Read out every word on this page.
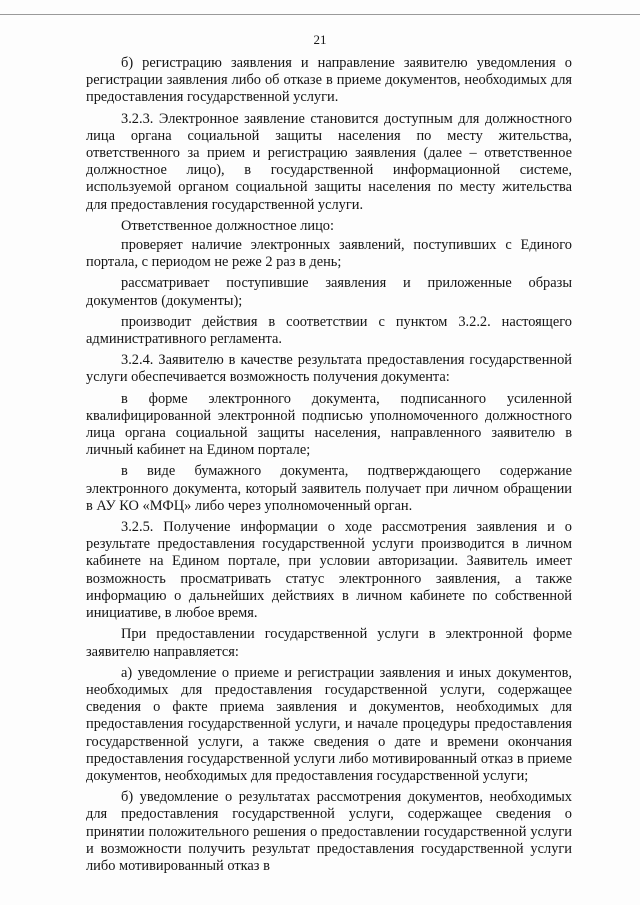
21

б) регистрацию заявления и направление заявителю уведомления о регистрации заявления либо об отказе в приеме документов, необходимых для предоставления государственной услуги.

3.2.3. Электронное заявление становится доступным для должностного лица органа социальной защиты населения по месту жительства, ответственного за прием и регистрацию заявления (далее – ответственное должностное лицо), в государственной информационной системе, используемой органом социальной защиты населения по месту жительства для предоставления государственной услуги.

Ответственное должностное лицо:

проверяет наличие электронных заявлений, поступивших с Единого портала, с периодом не реже 2 раз в день;

рассматривает поступившие заявления и приложенные образы документов (документы);

производит действия в соответствии с пунктом 3.2.2. настоящего административного регламента.

3.2.4. Заявителю в качестве результата предоставления государственной услуги обеспечивается возможность получения документа:

в форме электронного документа, подписанного усиленной квалифицированной электронной подписью уполномоченного должностного лица органа социальной защиты населения, направленного заявителю в личный кабинет на Едином портале;

в виде бумажного документа, подтверждающего содержание электронного документа, который заявитель получает при личном обращении в АУ КО «МФЦ» либо через уполномоченный орган.

3.2.5. Получение информации о ходе рассмотрения заявления и о результате предоставления государственной услуги производится в личном кабинете на Едином портале, при условии авторизации. Заявитель имеет возможность просматривать статус электронного заявления, а также информацию о дальнейших действиях в личном кабинете по собственной инициативе, в любое время.

При предоставлении государственной услуги в электронной форме заявителю направляется:

а) уведомление о приеме и регистрации заявления и иных документов, необходимых для предоставления государственной услуги, содержащее сведения о факте приема заявления и документов, необходимых для предоставления государственной услуги, и начале процедуры предоставления государственной услуги, а также сведения о дате и времени окончания предоставления государственной услуги либо мотивированный отказ в приеме документов, необходимых для предоставления государственной услуги;

б) уведомление о результатах рассмотрения документов, необходимых для предоставления государственной услуги, содержащее сведения о принятии положительного решения о предоставлении государственной услуги и возможности получить результат предоставления государственной услуги либо мотивированный отказ в
